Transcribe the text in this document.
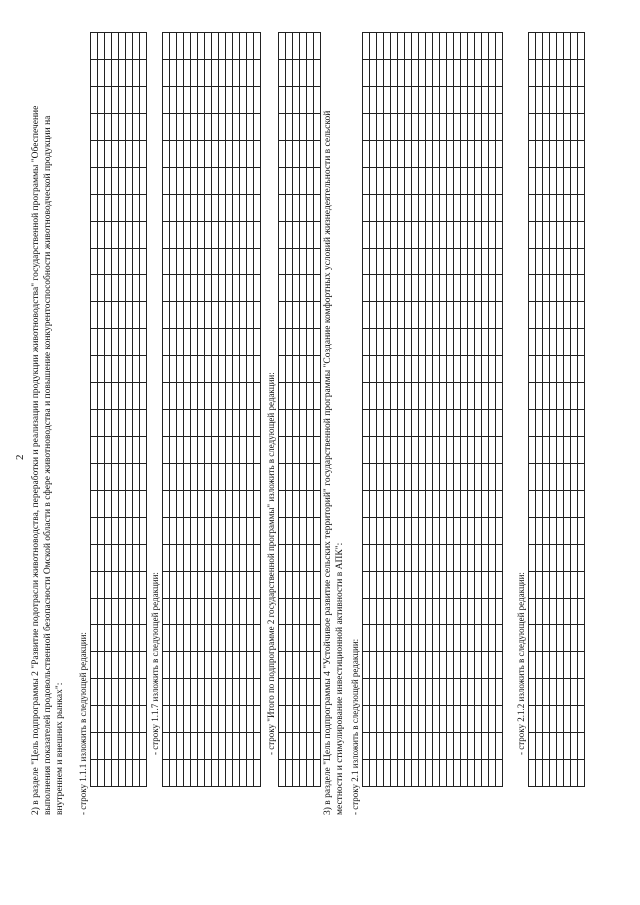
2 2) в разделе "Цель подпрограммы 2 "Развитие подотрасли животноводства, переработки и реализации продукции животноводства" государственной программы "Обеспечение выполнения показателей продовольственной безопасности Омской области в сфере животноводства и повышение конкурентоспособности животноводческой продукции на внутреннем и внешних рынках": - строку 1.1.1 изложить в следующей редакции:

																												- строку 1.1.7 изложить в следующей редакции:

																												- строку "Итого по подпрограмме 2 государственной программы" изложить в следующей редакции:

																												3) в разделе "Цель подпрограммы 4 "Устойчивое развитие сельских территорий" государственной программы "Создание комфортных условий жизнедеятельности в сельской местности и стимулирование инвестиционной активности в АПК": - строку 2.1 изложить в следующей редакции:

																												- строку 2.1.2 изложить в следующей редакции:
